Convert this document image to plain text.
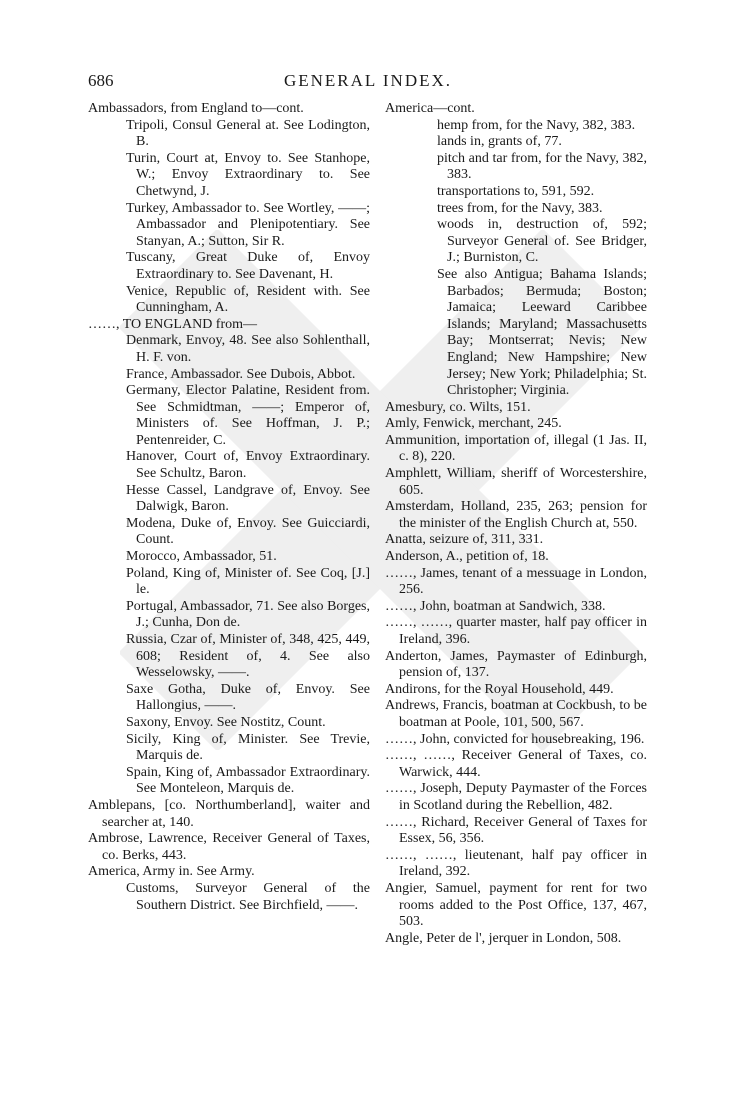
686	GENERAL INDEX.
Ambassadors, from England to—cont.
Tripoli, Consul General at. See Lodington, B.
Turin, Court at, Envoy to. See Stanhope, W.; Envoy Extraordinary to. See Chetwynd, J.
Turkey, Ambassador to. See Wortley, ——; Ambassador and Plenipotentiary. See Stanyan, A.; Sutton, Sir R.
Tuscany, Great Duke of, Envoy Extraordinary to. See Davenant, H.
Venice, Republic of, Resident with. See Cunningham, A.
……, TO ENGLAND from—
Denmark, Envoy, 48. See also Sohlenthall, H. F. von.
France, Ambassador. See Dubois, Abbot.
Germany, Elector Palatine, Resident from. See Schmidtman, ——; Emperor of, Ministers of. See Hoffman, J. P.; Pentenreider, C.
Hanover, Court of, Envoy Extraordinary. See Schultz, Baron.
Hesse Cassel, Landgrave of, Envoy. See Dalwigk, Baron.
Modena, Duke of, Envoy. See Guicciardi, Count.
Morocco, Ambassador, 51.
Poland, King of, Minister of. See Coq, [J.] le.
Portugal, Ambassador, 71. See also Borges, J.; Cunha, Don de.
Russia, Czar of, Minister of, 348, 425, 449, 608; Resident of, 4. See also Wesselowsky, ——.
Saxe Gotha, Duke of, Envoy. See Hallongius, ——.
Saxony, Envoy. See Nostitz, Count.
Sicily, King of, Minister. See Trevie, Marquis de.
Spain, King of, Ambassador Extraordinary. See Monteleon, Marquis de.
Amblepans, [co. Northumberland], waiter and searcher at, 140.
Ambrose, Lawrence, Receiver General of Taxes, co. Berks, 443.
America, Army in. See Army.
Customs, Surveyor General of the Southern District. See Birchfield, ——.
America—cont.
hemp from, for the Navy, 382, 383.
lands in, grants of, 77.
pitch and tar from, for the Navy, 382, 383.
transportations to, 591, 592.
trees from, for the Navy, 383.
woods in, destruction of, 592; Surveyor General of. See Bridger, J.; Burniston, C.
See also Antigua; Bahama Islands; Barbados; Bermuda; Boston; Jamaica; Leeward Caribbee Islands; Maryland; Massachusetts Bay; Montserrat; Nevis; New England; New Hampshire; New Jersey; New York; Philadelphia; St. Christopher; Virginia.
Amesbury, co. Wilts, 151.
Amly, Fenwick, merchant, 245.
Ammunition, importation of, illegal (1 Jas. II, c. 8), 220.
Amphlett, William, sheriff of Worcestershire, 605.
Amsterdam, Holland, 235, 263; pension for the minister of the English Church at, 550.
Anatta, seizure of, 311, 331.
Anderson, A., petition of, 18.
……, James, tenant of a messuage in London, 256.
……, John, boatman at Sandwich, 338.
……, ……, quarter master, half pay officer in Ireland, 396.
Anderton, James, Paymaster of Edinburgh, pension of, 137.
Andirons, for the Royal Household, 449.
Andrews, Francis, boatman at Cockbush, to be boatman at Poole, 101, 500, 567.
……, John, convicted for housebreaking, 196.
……, ……, Receiver General of Taxes, co. Warwick, 444.
……, Joseph, Deputy Paymaster of the Forces in Scotland during the Rebellion, 482.
……, Richard, Receiver General of Taxes for Essex, 56, 356.
……, ……, lieutenant, half pay officer in Ireland, 392.
Angier, Samuel, payment for rent for two rooms added to the Post Office, 137, 467, 503.
Angle, Peter de l', jerquer in London, 508.
